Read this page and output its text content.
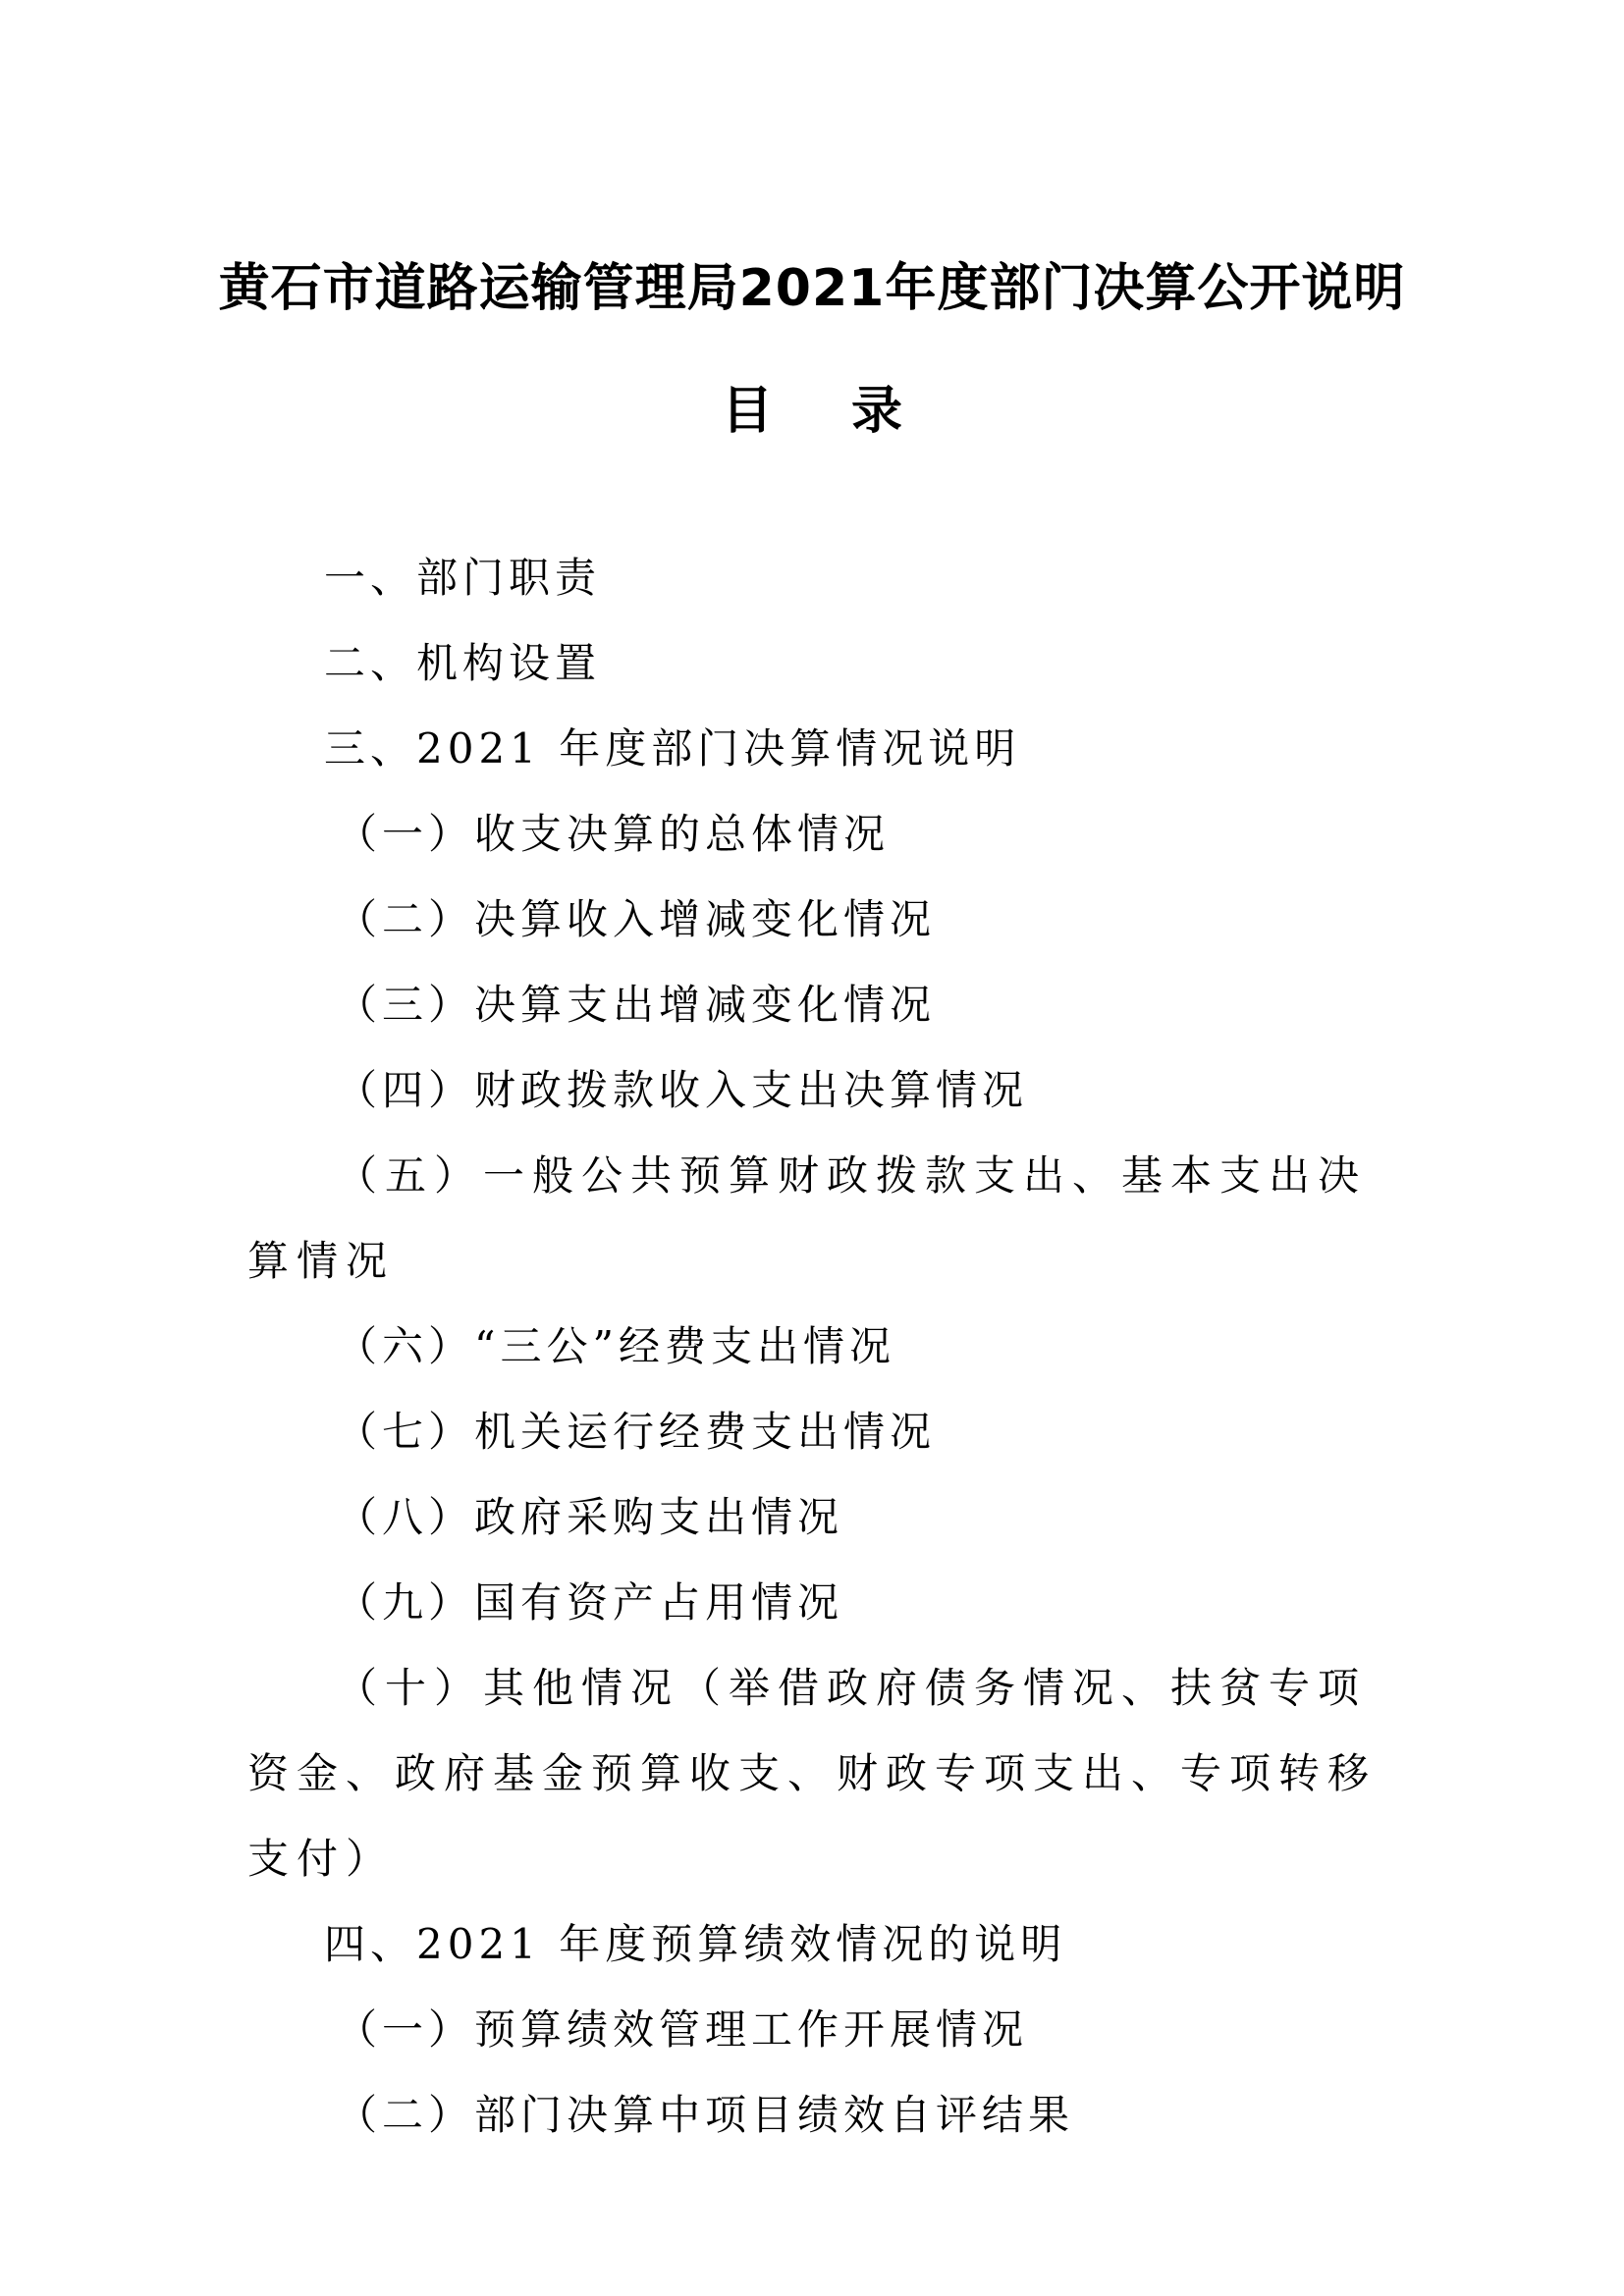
黄石市道路运输管理局2021年度部门决算公开说明
目 录
一、部门职责
二、机构设置
三、2021 年度部门决算情况说明
（一）收支决算的总体情况
（二）决算收入增减变化情况
（三）决算支出增减变化情况
（四）财政拨款收入支出决算情况
（五）一般公共预算财政拨款支出、基本支出决算情况
（六）“三公”经费支出情况
（七）机关运行经费支出情况
（八）政府采购支出情况
（九）国有资产占用情况
（十）其他情况（举借政府债务情况、扶贫专项资金、政府基金预算收支、财政专项支出、专项转移支付）
四、2021 年度预算绩效情况的说明
（一）预算绩效管理工作开展情况
（二）部门决算中项目绩效自评结果
